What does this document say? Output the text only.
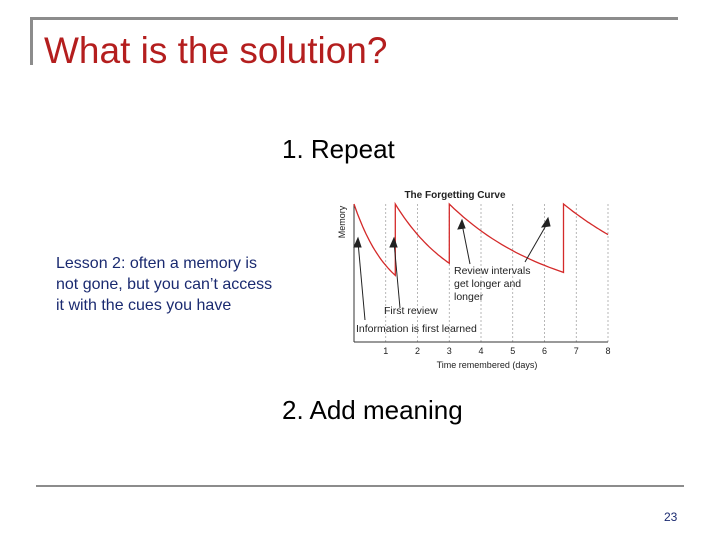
What is the solution?
1. Repeat
The Forgetting Curve
Memory
1	2	3	4	5	6	7	8
Review intervals get longer and longer
First review
Information is first learned
Time remembered (days)
Lesson 2: often a memory is not gone, but you can’t access it with the cues you have
2. Add meaning
23
